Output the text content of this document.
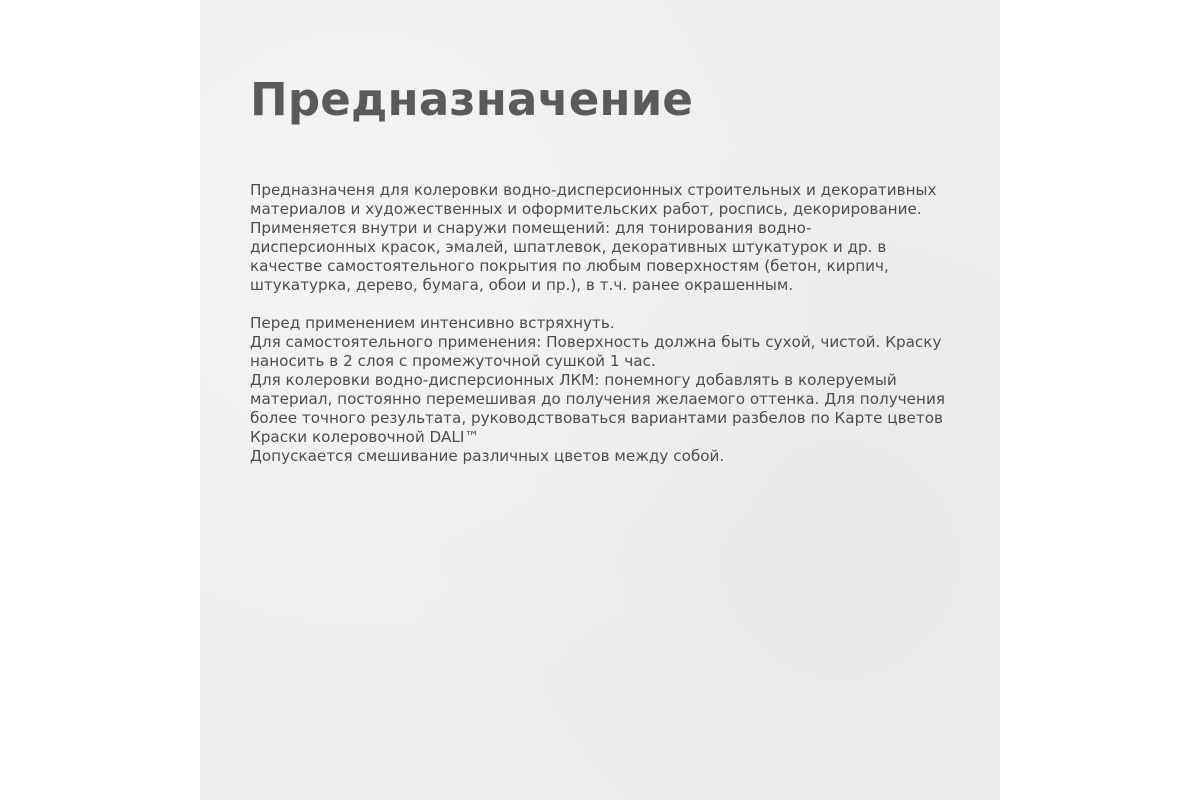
Предназначение
Предназначеня для колеровки водно-дисперсионных строительных и декоративных
материалов и художественных и оформительских работ, роспись, декорирование.
Применяется внутри и снаружи помещений: для тонирования водно-
дисперсионных красок, эмалей, шпатлевок, декоративных штукатурок и др. в
качестве самостоятельного покрытия по любым поверхностям (бетон, кирпич,
штукатурка, дерево, бумага, обои и пр.), в т.ч. ранее окрашенным.
Перед применением интенсивно встряхнуть.
Для самостоятельного применения: Поверхность должна быть сухой, чистой. Краску
наносить в 2 слоя с промежуточной сушкой 1 час.
Для колеровки водно-дисперсионных ЛКМ: понемногу добавлять в колеруемый
материал, постоянно перемешивая до получения желаемого оттенка. Для получения
более точного результата, руководствоваться вариантами разбелов по Карте цветов
Краски колеровочной DALI™
Допускается смешивание различных цветов между собой.
